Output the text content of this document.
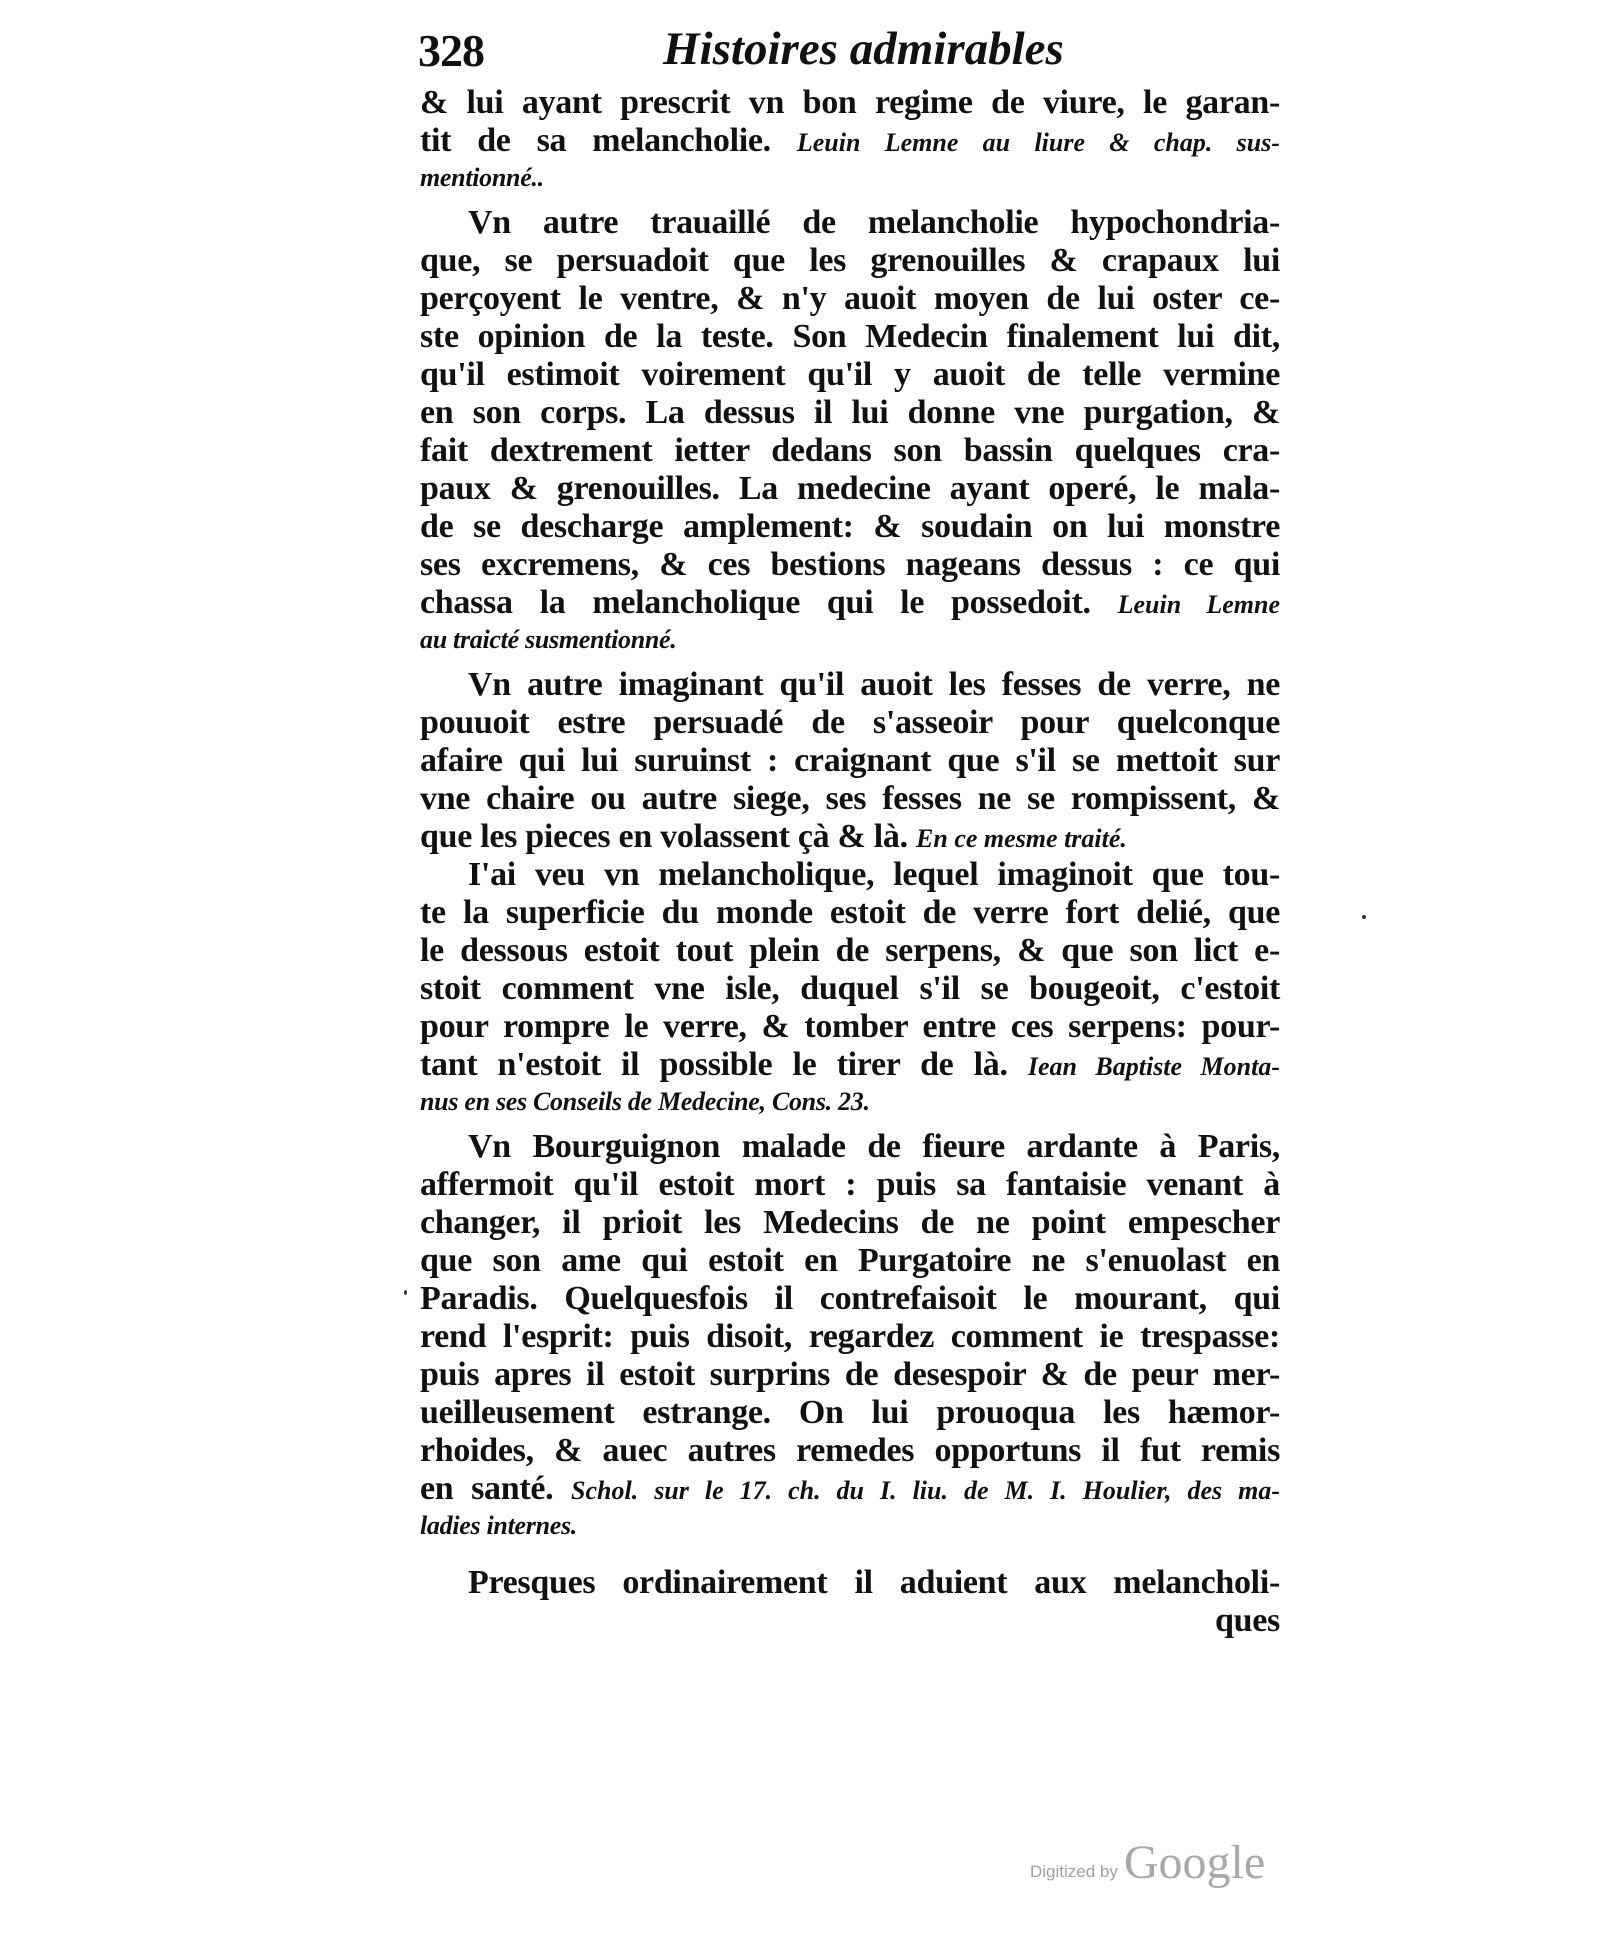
328	Histoires admirables
& lui ayant prescrit vn bon regime de viure, le garan-
tit de sa melancholie. Leuin Lemne au liure & chap. sus-
mentionné..
Vn autre trauaillé de melancholie hypochondria-
que, se persuadoit que les grenouilles & crapaux lui
perçoyent le ventre, & n'y auoit moyen de lui oster ce-
ste opinion de la teste. Son Medecin finalement lui dit,
qu'il estimoit voirement qu'il y auoit de telle vermine
en son corps. La dessus il lui donne vne purgation, &
fait dextrement ietter dedans son bassin quelques cra-
paux & grenouilles. La medecine ayant operé, le mala-
de se descharge amplement: & soudain on lui monstre
ses excremens, & ces bestions nageans dessus : ce qui
chassa la melancholique qui le possedoit. Leuin Lemne
au traicté susmentionné.
Vn autre imaginant qu'il auoit les fesses de verre, ne
pouuoit estre persuadé de s'asseoir pour quelconque
afaire qui lui suruinst : craignant que s'il se mettoit sur
vne chaire ou autre siege, ses fesses ne se rompissent, &
que les pieces en volassent çà & là. En ce mesme traité.
I'ai veu vn melancholique, lequel imaginoit que tou-
te la superficie du monde estoit de verre fort delié, que
le dessous estoit tout plein de serpens, & que son lict e-
stoit comment vne isle, duquel s'il se bougeoit, c'estoit
pour rompre le verre, & tomber entre ces serpens: pour-
tant n'estoit il possible le tirer de là. Iean Baptiste Monta-
nus en ses Conseils de Medecine, Cons. 23.
Vn Bourguignon malade de fieure ardante à Paris,
affermoit qu'il estoit mort : puis sa fantaisie venant à
changer, il prioit les Medecins de ne point empescher
que son ame qui estoit en Purgatoire ne s'enuolast en
Paradis. Quelquesfois il contrefaisoit le mourant, qui
rend l'esprit: puis disoit, regardez comment ie trespasse:
puis apres il estoit surprins de desespoir & de peur mer-
ueilleusement estrange. On lui prouoqua les hæmor-
rhoides, & auec autres remedes opportuns il fut remis
en santé. Schol. sur le 17. ch. du I. liu. de M. I. Houlier, des ma-
ladies internes.
Presques ordinairement il aduient aux melancholi-
ques
Digitized by Google
